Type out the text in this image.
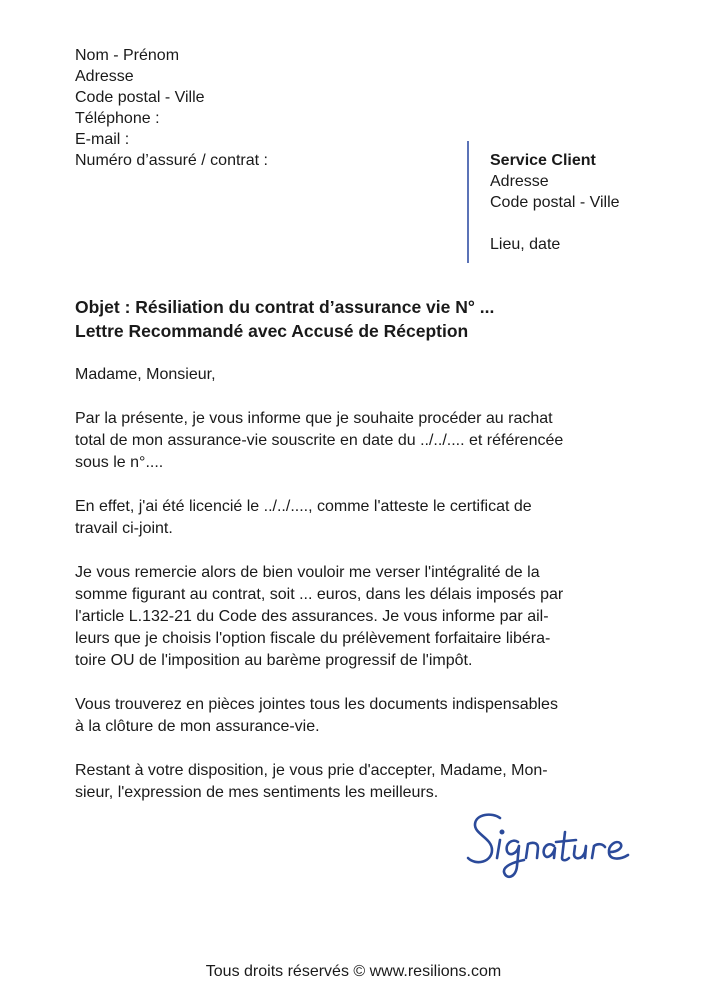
Nom - Prénom
Adresse
Code postal - Ville
Téléphone :
E-mail :
Numéro d’assuré / contrat :	Service Client
Adresse
Code postal - Ville
Lieu, date
Objet : Résiliation du contrat d’assurance vie N° ...
Lettre Recommandé avec Accusé de Réception

Madame, Monsieur,

Par la présente, je vous informe que je souhaite procéder au rachat
total de mon assurance-vie souscrite en date du ../../.... et référencée
sous le n°....

En effet, j'ai été licencié le ../../...., comme l'atteste le certificat de
travail ci-joint.

Je vous remercie alors de bien vouloir me verser l'intégralité de la
somme figurant au contrat, soit ... euros, dans les délais imposés par
l'article L.132-21 du Code des assurances. Je vous informe par ail-
leurs que je choisis l'option fiscale du prélèvement forfaitaire libéra-
toire OU de l'imposition au barème progressif de l'impôt.

Vous trouverez en pièces jointes tous les documents indispensables
à la clôture de mon assurance-vie.

Restant à votre disposition, je vous prie d'accepter, Madame, Mon-
sieur, l'expression de mes sentiments les meilleurs.

Tous droits réservés © www.resilions.com
